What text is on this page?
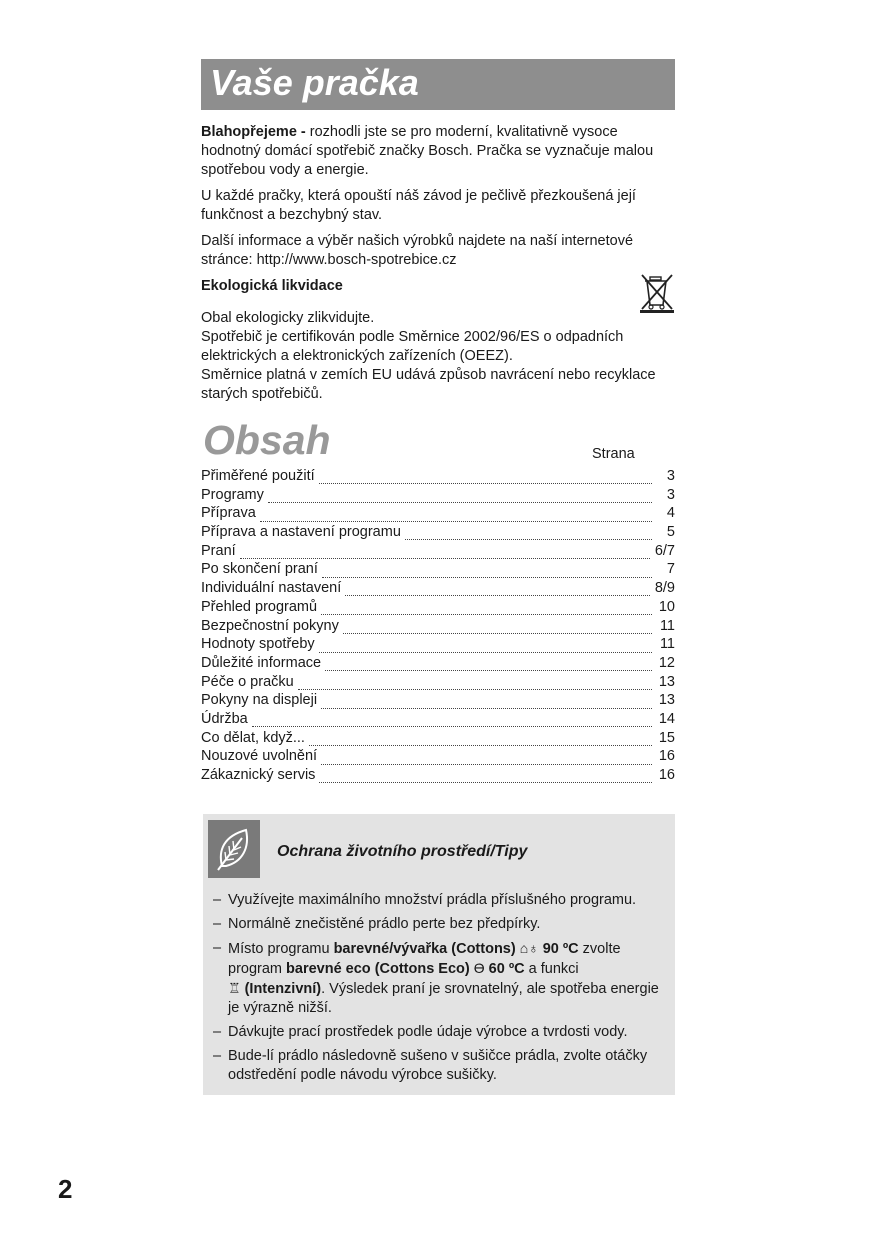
Vaše pračka

Blahopřejeme - rozhodli jste se pro moderní, kvalitativně vysoce hodnotný domácí spotřebič značky Bosch. Pračka se vyznačuje malou spotřebou vody a energie.

U každé pračky, která opouští náš závod je pečlivě přezkoušená její funkčnost a bezchybný stav.

Další informace a výběr našich výrobků najdete na naší internetové stránce: http://www.bosch-spotrebice.cz

Ekologická likvidace

Obal ekologicky zlikvidujte.

Spotřebič je certifikován podle Směrnice 2002/96/ES o odpadních elektrických a elektronických zařízeních (OEEZ).

Směrnice platná v zemích EU udává způsob navrácení nebo recyklace starých spotřebičů.

Obsah	Strana
Přiměřené použití	3
Programy	3
Příprava	4
Příprava a nastavení programu	5
Praní	6/7
Po skončení praní	7
Individuální nastavení	8/9
Přehled programů	10
Bezpečnostní pokyny	11
Hodnoty spotřeby	11
Důležité informace	12
Péče o pračku	13
Pokyny na displeji	13
Údržba	14
Co dělat, když...	15
Nouzové uvolnění	16
Zákaznický servis	16
Ochrana životního prostředí/Tipy
– Využívejte maximálního množství prádla příslušného programu.
– Normálně znečistěné prádlo perte bez předpírky.
– Místo programu barevné/vývařka (Cottons) ⌂♁ 90 ºC zvolte program barevné eco (Cottons Eco) ϴ 60 ºC a funkci
♖ (Intenzivní). Výsledek praní je srovnatelný, ale spotřeba energie je výrazně nižší.
– Dávkujte prací prostředek podle údaje výrobce a tvrdosti vody.
– Bude-lí prádlo následovně sušeno v sušičce prádla, zvolte otáčky odstředění podle návodu výrobce sušičky.
2
